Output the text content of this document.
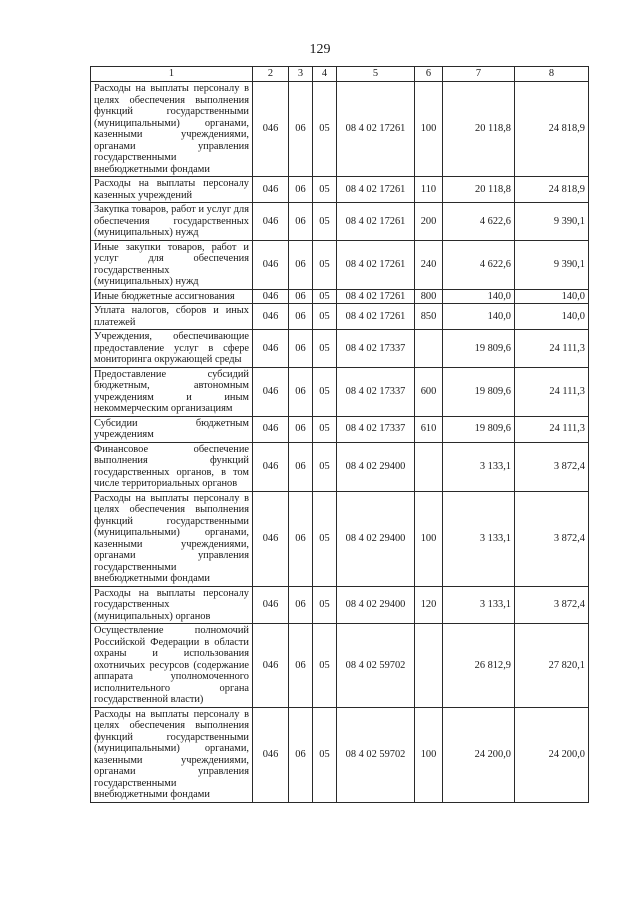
129
1	2	3	4	5	6	7	8
Расходы на выплаты персоналу в целях обеспечения выполнения функций государственными (муниципальными) органами, казенными учреждениями, органами управления государственными внебюджетными фондами	046	06	05	08 4 02 17261	100	20 118,8	24 818,9
Расходы на выплаты персоналу казенных учреждений	046	06	05	08 4 02 17261	110	20 118,8	24 818,9
Закупка товаров, работ и услуг для обеспечения государственных (муниципальных) нужд	046	06	05	08 4 02 17261	200	4 622,6	9 390,1
Иные закупки товаров, работ и услуг для обеспечения государственных (муниципальных) нужд	046	06	05	08 4 02 17261	240	4 622,6	9 390,1
Иные бюджетные ассигнования	046	06	05	08 4 02 17261	800	140,0	140,0
Уплата налогов, сборов и иных платежей	046	06	05	08 4 02 17261	850	140,0	140,0
Учреждения, обеспечивающие предоставление услуг в сфере мониторинга окружающей среды	046	06	05	08 4 02 17337		19 809,6	24 111,3
Предоставление субсидий бюджетным, автономным учреждениям и иным некоммерческим организациям	046	06	05	08 4 02 17337	600	19 809,6	24 111,3
Субсидии бюджетным учреждениям	046	06	05	08 4 02 17337	610	19 809,6	24 111,3
Финансовое обеспечение выполнения функций государственных органов, в том числе территориальных органов	046	06	05	08 4 02 29400		3 133,1	3 872,4
Расходы на выплаты персоналу в целях обеспечения выполнения функций государственными (муниципальными) органами, казенными учреждениями, органами управления государственными внебюджетными фондами	046	06	05	08 4 02 29400	100	3 133,1	3 872,4
Расходы на выплаты персоналу государственных (муниципальных) органов	046	06	05	08 4 02 29400	120	3 133,1	3 872,4
Осуществление полномочий Российской Федерации в области охраны и использования охотничьих ресурсов (содержание аппарата уполномоченного исполнительного органа государственной власти)	046	06	05	08 4 02 59702		26 812,9	27 820,1
Расходы на выплаты персоналу в целях обеспечения выполнения функций государственными (муниципальными) органами, казенными учреждениями, органами управления государственными внебюджетными фондами	046	06	05	08 4 02 59702	100	24 200,0	24 200,0
